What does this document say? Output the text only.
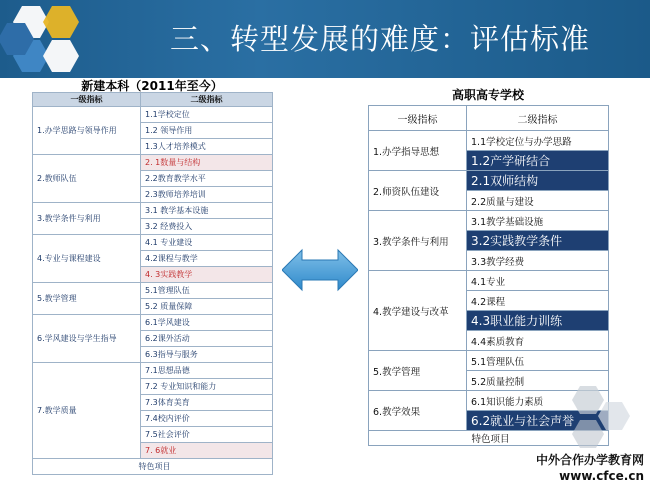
三、转型发展的难度：评估标准
新建本科（2011年至今）
一级指标	二级指标
1.办学思路与领导作用	1.1学校定位
	1.2 领导作用
	1.3人才培养模式
2.教师队伍	2. 1数量与结构
	2.2教育教学水平
	2.3教师培养培训
3.教学条件与利用	3.1 教学基本设施
	3.2 经费投入
4.专业与课程建设	4.1 专业建设
	4.2课程与教学
	4. 3实践教学
5.教学管理	5.1管理队伍
	5.2 质量保障
6.学风建设与学生指导	6.1学风建设
	6.2课外活动
	6.3指导与服务
7.教学质量	7.1思想品德
	7.2 专业知识和能力
	7.3体育美育
	7.4校内评价
	7.5社会评价
	7. 6就业
特色项目	
高职高专学校
一级指标	二级指标
1.办学指导思想	1.1学校定位与办学思路
	1.2产学研结合
2.师资队伍建设	2.1双师结构
	2.2质量与建设
3.教学条件与利用	3.1教学基础设施
	3.2实践教学条件
	3.3教学经费
4.教学建设与改革	4.1专业
	4.2课程
	4.3职业能力训练
	4.4素质教育
5.教学管理	5.1管理队伍
	5.2质量控制
6.教学效果	6.1知识能力素质
	6.2就业与社会声誉
特色项目	
中外合作办学教育网
www.cfce.cn
